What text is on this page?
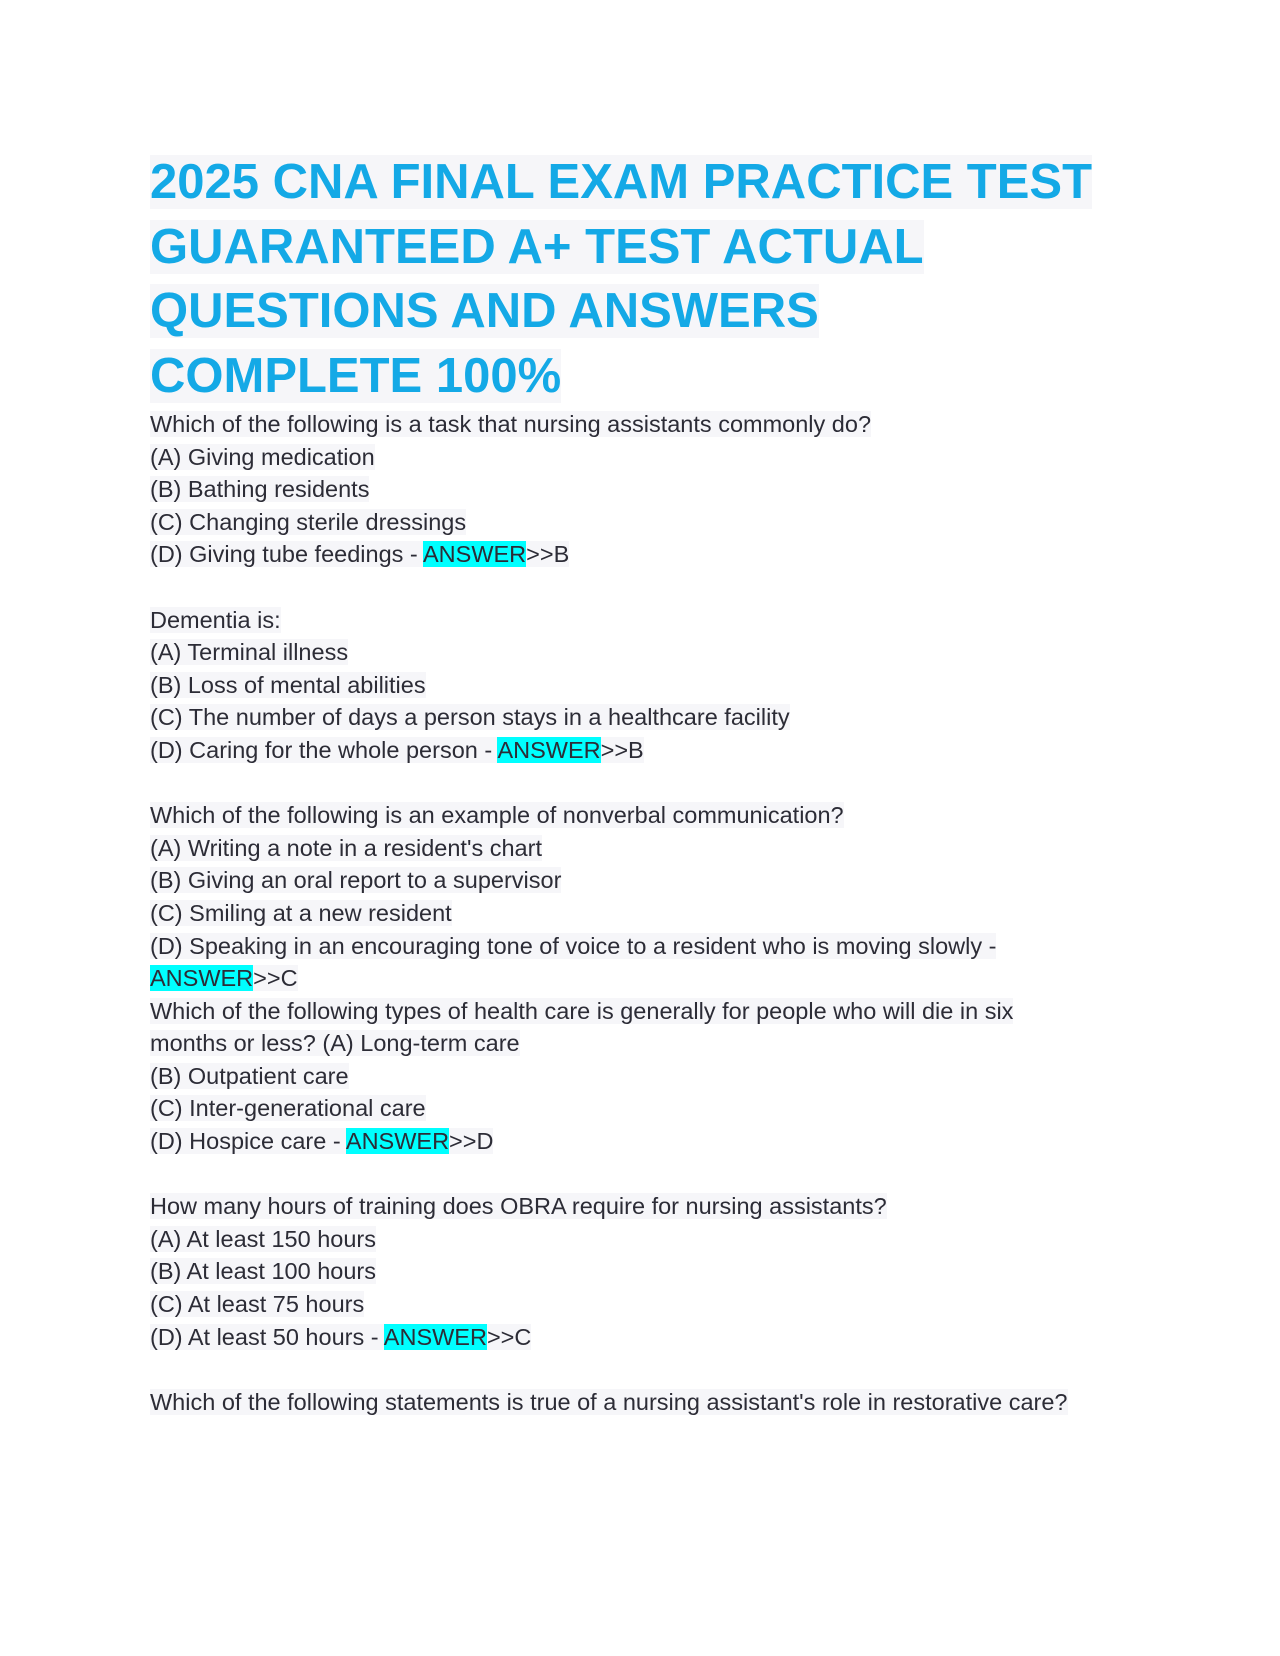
2025 CNA FINAL EXAM PRACTICE TEST
GUARANTEED A+ TEST ACTUAL
QUESTIONS AND ANSWERS
COMPLETE 100%
Which of the following is a task that nursing assistants commonly do?
(A) Giving medication
(B) Bathing residents
(C) Changing sterile dressings
(D) Giving tube feedings - ANSWER>>B
Dementia is:
(A) Terminal illness
(B) Loss of mental abilities
(C) The number of days a person stays in a healthcare facility
(D) Caring for the whole person - ANSWER>>B
Which of the following is an example of nonverbal communication?
(A) Writing a note in a resident's chart
(B) Giving an oral report to a supervisor
(C) Smiling at a new resident
(D) Speaking in an encouraging tone of voice to a resident who is moving slowly -
ANSWER>>C
Which of the following types of health care is generally for people who will die in six
months or less? (A) Long-term care
(B) Outpatient care
(C) Inter-generational care
(D) Hospice care - ANSWER>>D
How many hours of training does OBRA require for nursing assistants?
(A) At least 150 hours
(B) At least 100 hours
(C) At least 75 hours
(D) At least 50 hours - ANSWER>>C
Which of the following statements is true of a nursing assistant's role in restorative care?
